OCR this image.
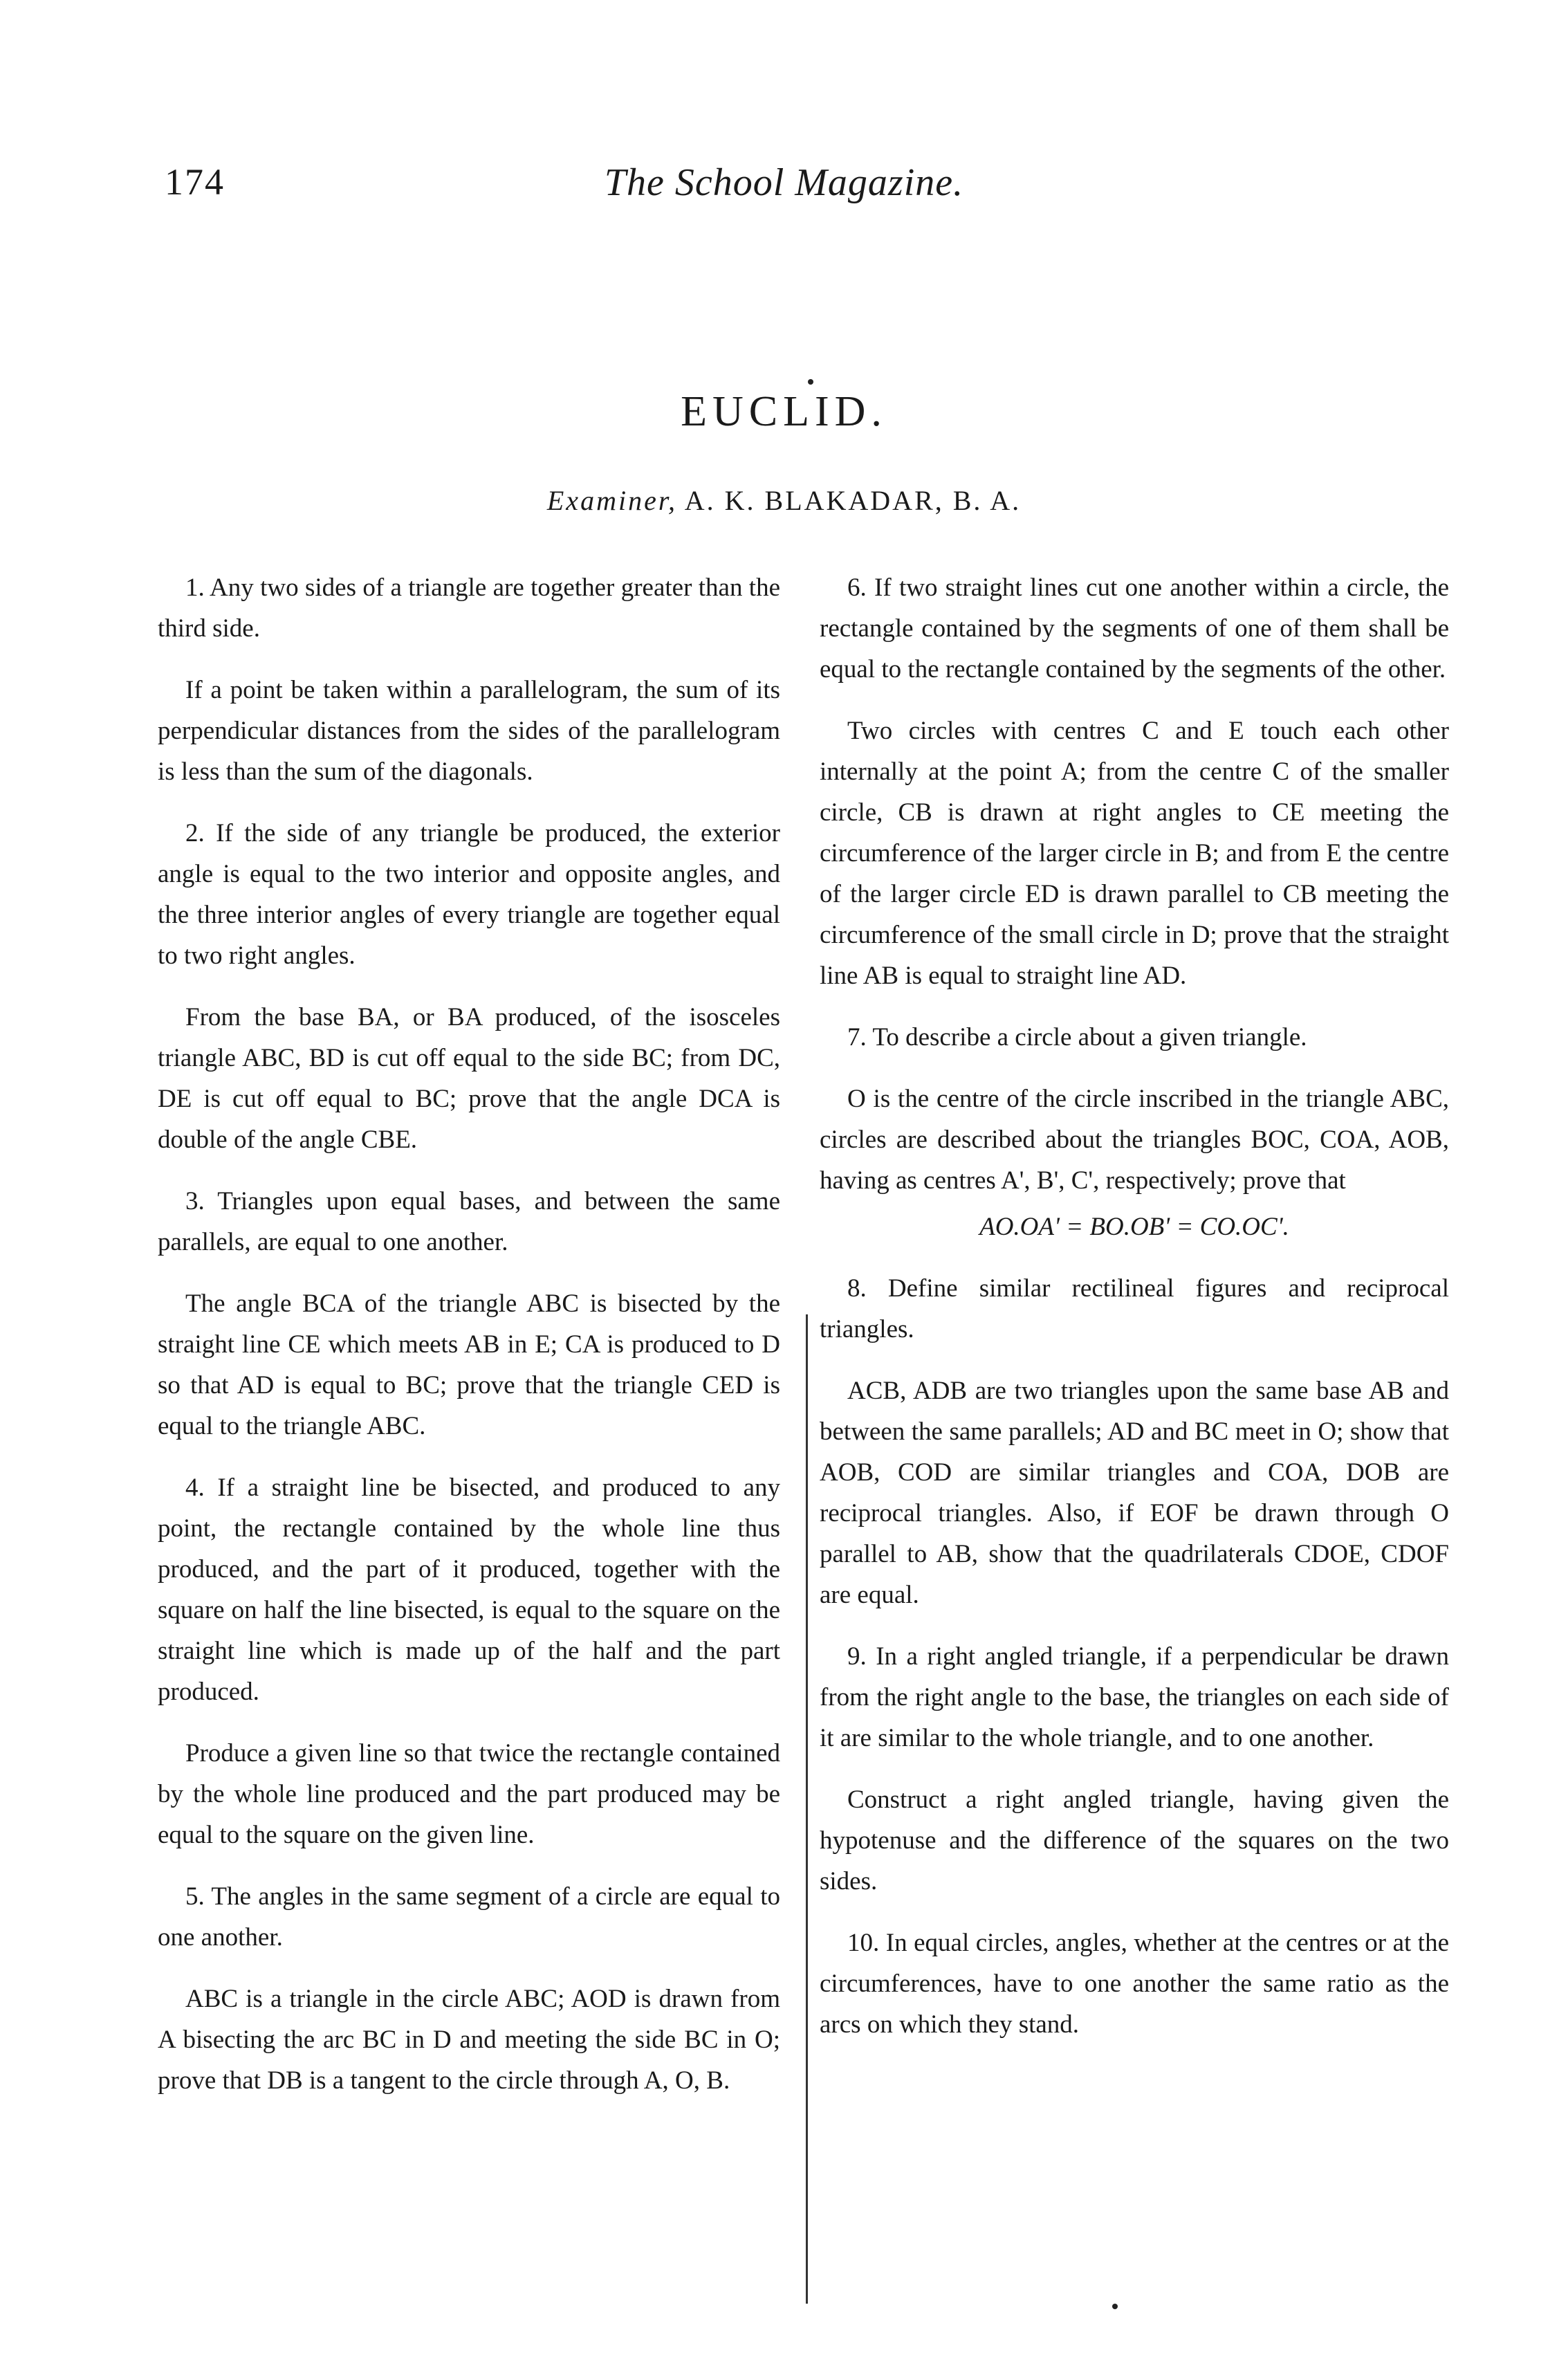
174	The School Magazine.
EUCLID.
Examiner, A. K. BLAKADAR, B. A.

1. Any two sides of a triangle are together greater than the third side.

If a point be taken within a parallelogram, the sum of its perpendicular distances from the sides of the parallelogram is less than the sum of the diagonals.

2. If the side of any triangle be produced, the exterior angle is equal to the two interior and opposite angles, and the three interior angles of every triangle are together equal to two right angles.

From the base BA, or BA produced, of the isosceles triangle ABC, BD is cut off equal to the side BC; from DC, DE is cut off equal to BC; prove that the angle DCA is double of the angle CBE.

3. Triangles upon equal bases, and between the same parallels, are equal to one another.

The angle BCA of the triangle ABC is bisected by the straight line CE which meets AB in E; CA is produced to D so that AD is equal to BC; prove that the triangle CED is equal to the triangle ABC.

4. If a straight line be bisected, and produced to any point, the rectangle contained by the whole line thus produced, and the part of it produced, together with the square on half the line bisected, is equal to the square on the straight line which is made up of the half and the part produced.

Produce a given line so that twice the rectangle contained by the whole line produced and the part produced may be equal to the square on the given line.

5. The angles in the same segment of a circle are equal to one another.

ABC is a triangle in the circle ABC; AOD is drawn from A bisecting the arc BC in D and meeting the side BC in O; prove that DB is a tangent to the circle through A, O, B.

6. If two straight lines cut one another within a circle, the rectangle contained by the segments of one of them shall be equal to the rectangle contained by the segments of the other.

Two circles with centres C and E touch each other internally at the point A; from the centre C of the smaller circle, CB is drawn at right angles to CE meeting the circumference of the larger circle in B; and from E the centre of the larger circle ED is drawn parallel to CB meeting the circumference of the small circle in D; prove that the straight line AB is equal to straight line AD.

7. To describe a circle about a given triangle.

O is the centre of the circle inscribed in the triangle ABC, circles are described about the triangles BOC, COA, AOB, having as centres A', B', C', respectively; prove that

AO.OA' = BO.OB' = CO.OC'.

8. Define similar rectilineal figures and reciprocal triangles.

ACB, ADB are two triangles upon the same base AB and between the same parallels; AD and BC meet in O; show that AOB, COD are similar triangles and COA, DOB are reciprocal triangles. Also, if EOF be drawn through O parallel to AB, show that the quadrilaterals CDOE, CDOF are equal.

9. In a right angled triangle, if a perpendicular be drawn from the right angle to the base, the triangles on each side of it are similar to the whole triangle, and to one another.

Construct a right angled triangle, having given the hypotenuse and the difference of the squares on the two sides.

10. In equal circles, angles, whether at the centres or at the circumferences, have to one another the same ratio as the arcs on which they stand.
